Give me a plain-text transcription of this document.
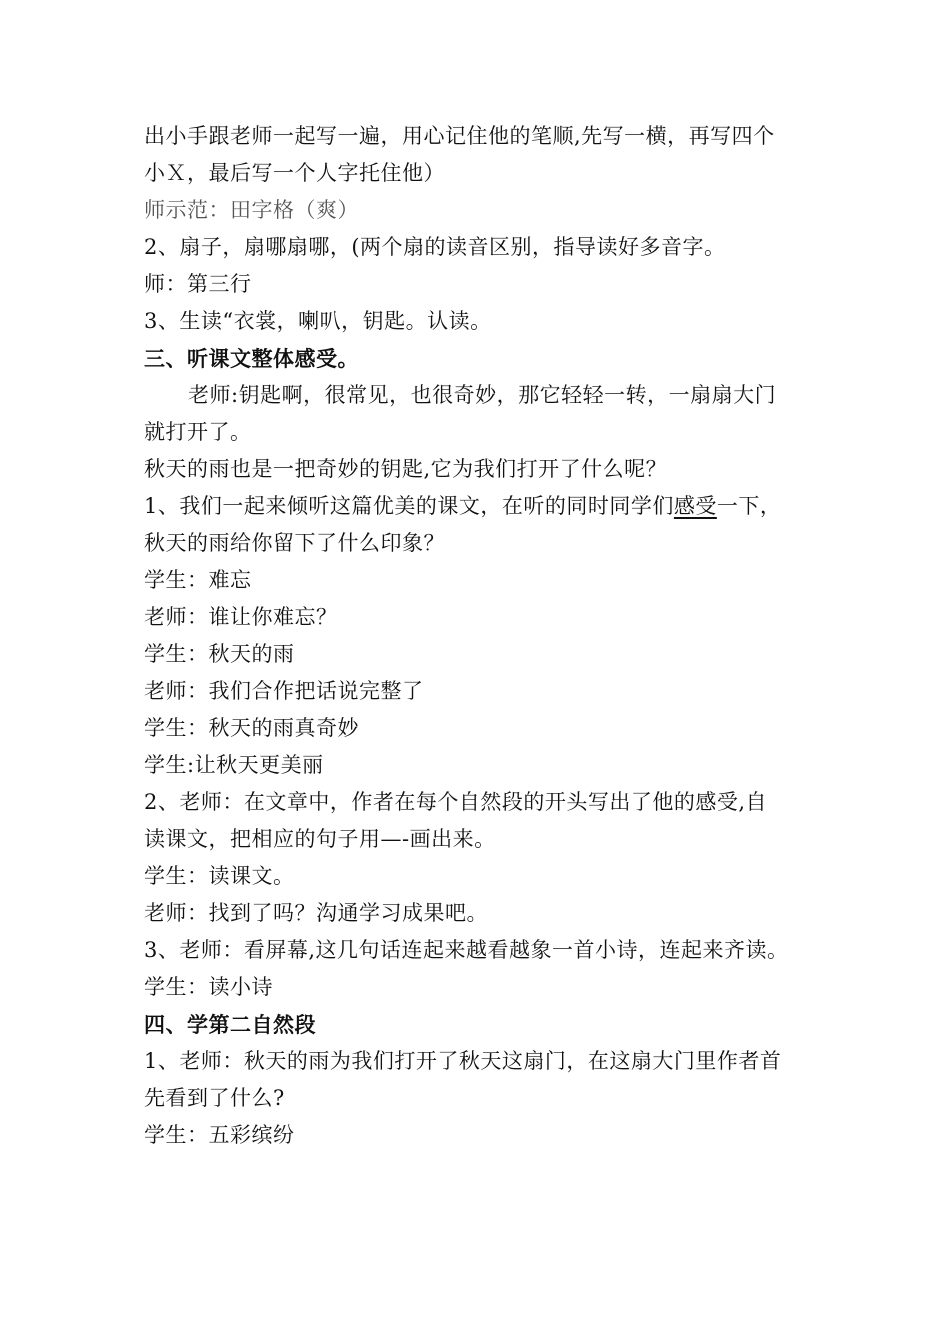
出小手跟老师一起写一遍，用心记住他的笔顺,先写一横，再写四个
小Ｘ，最后写一个人字托住他）
师示范：田字格（爽）
2、扇子，扇哪扇哪，(两个扇的读音区别，指导读好多音字。
师：第三行
3、生读“衣裳，喇叭，钥匙。认读。
三、听课文整体感受。
老师:钥匙啊，很常见，也很奇妙，那它轻轻一转，一扇扇大门
就打开了。
秋天的雨也是一把奇妙的钥匙,它为我们打开了什么呢？
1、我们一起来倾听这篇优美的课文，在听的同时同学们感受一下，
秋天的雨给你留下了什么印象？
学生：难忘
老师：谁让你难忘？
学生：秋天的雨
老师：我们合作把话说完整了
学生：秋天的雨真奇妙
学生:让秋天更美丽
2、老师：在文章中，作者在每个自然段的开头写出了他的感受,自
读课文，把相应的句子用—-画出来。
学生：读课文。
老师：找到了吗？沟通学习成果吧。
3、老师：看屏幕,这几句话连起来越看越象一首小诗，连起来齐读。
学生：读小诗
四、学第二自然段
1、老师：秋天的雨为我们打开了秋天这扇门，在这扇大门里作者首
先看到了什么?
学生：五彩缤纷
